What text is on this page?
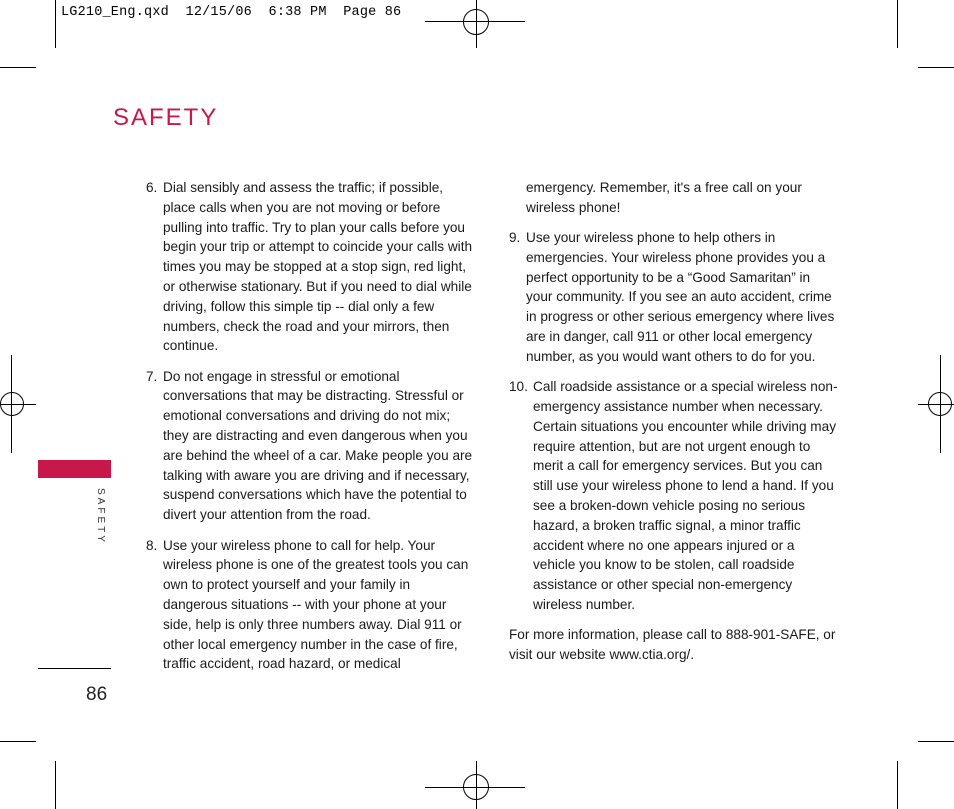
LG210_Eng.qxd  12/15/06  6:38 PM  Page 86
SAFETY
SAFETY
86
6. Dial sensibly and assess the traffic; if possible, place calls when you are not moving or before pulling into traffic. Try to plan your calls before you begin your trip or attempt to coincide your calls with times you may be stopped at a stop sign, red light, or otherwise stationary. But if you need to dial while driving, follow this simple tip -- dial only a few numbers, check the road and your mirrors, then continue.
7. Do not engage in stressful or emotional conversations that may be distracting. Stressful or emotional conversations and driving do not mix; they are distracting and even dangerous when you are behind the wheel of a car. Make people you are talking with aware you are driving and if necessary, suspend conversations which have the potential to divert your attention from the road.
8. Use your wireless phone to call for help. Your wireless phone is one of the greatest tools you can own to protect yourself and your family in dangerous situations -- with your phone at your side, help is only three numbers away. Dial 911 or other local emergency number in the case of fire, traffic accident, road hazard, or medical
emergency. Remember, it's a free call on your wireless phone!
9. Use your wireless phone to help others in emergencies. Your wireless phone provides you a perfect opportunity to be a “Good Samaritan” in your community. If you see an auto accident, crime in progress or other serious emergency where lives are in danger, call 911 or other local emergency number, as you would want others to do for you.
10. Call roadside assistance or a special wireless non-emergency assistance number when necessary. Certain situations you encounter while driving may require attention, but are not urgent enough to merit a call for emergency services. But you can still use your wireless phone to lend a hand. If you see a broken-down vehicle posing no serious hazard, a broken traffic signal, a minor traffic accident where no one appears injured or a vehicle you know to be stolen, call roadside assistance or other special non-emergency wireless number.

For more information, please call to 888-901-SAFE, or visit our website www.ctia.org/.
